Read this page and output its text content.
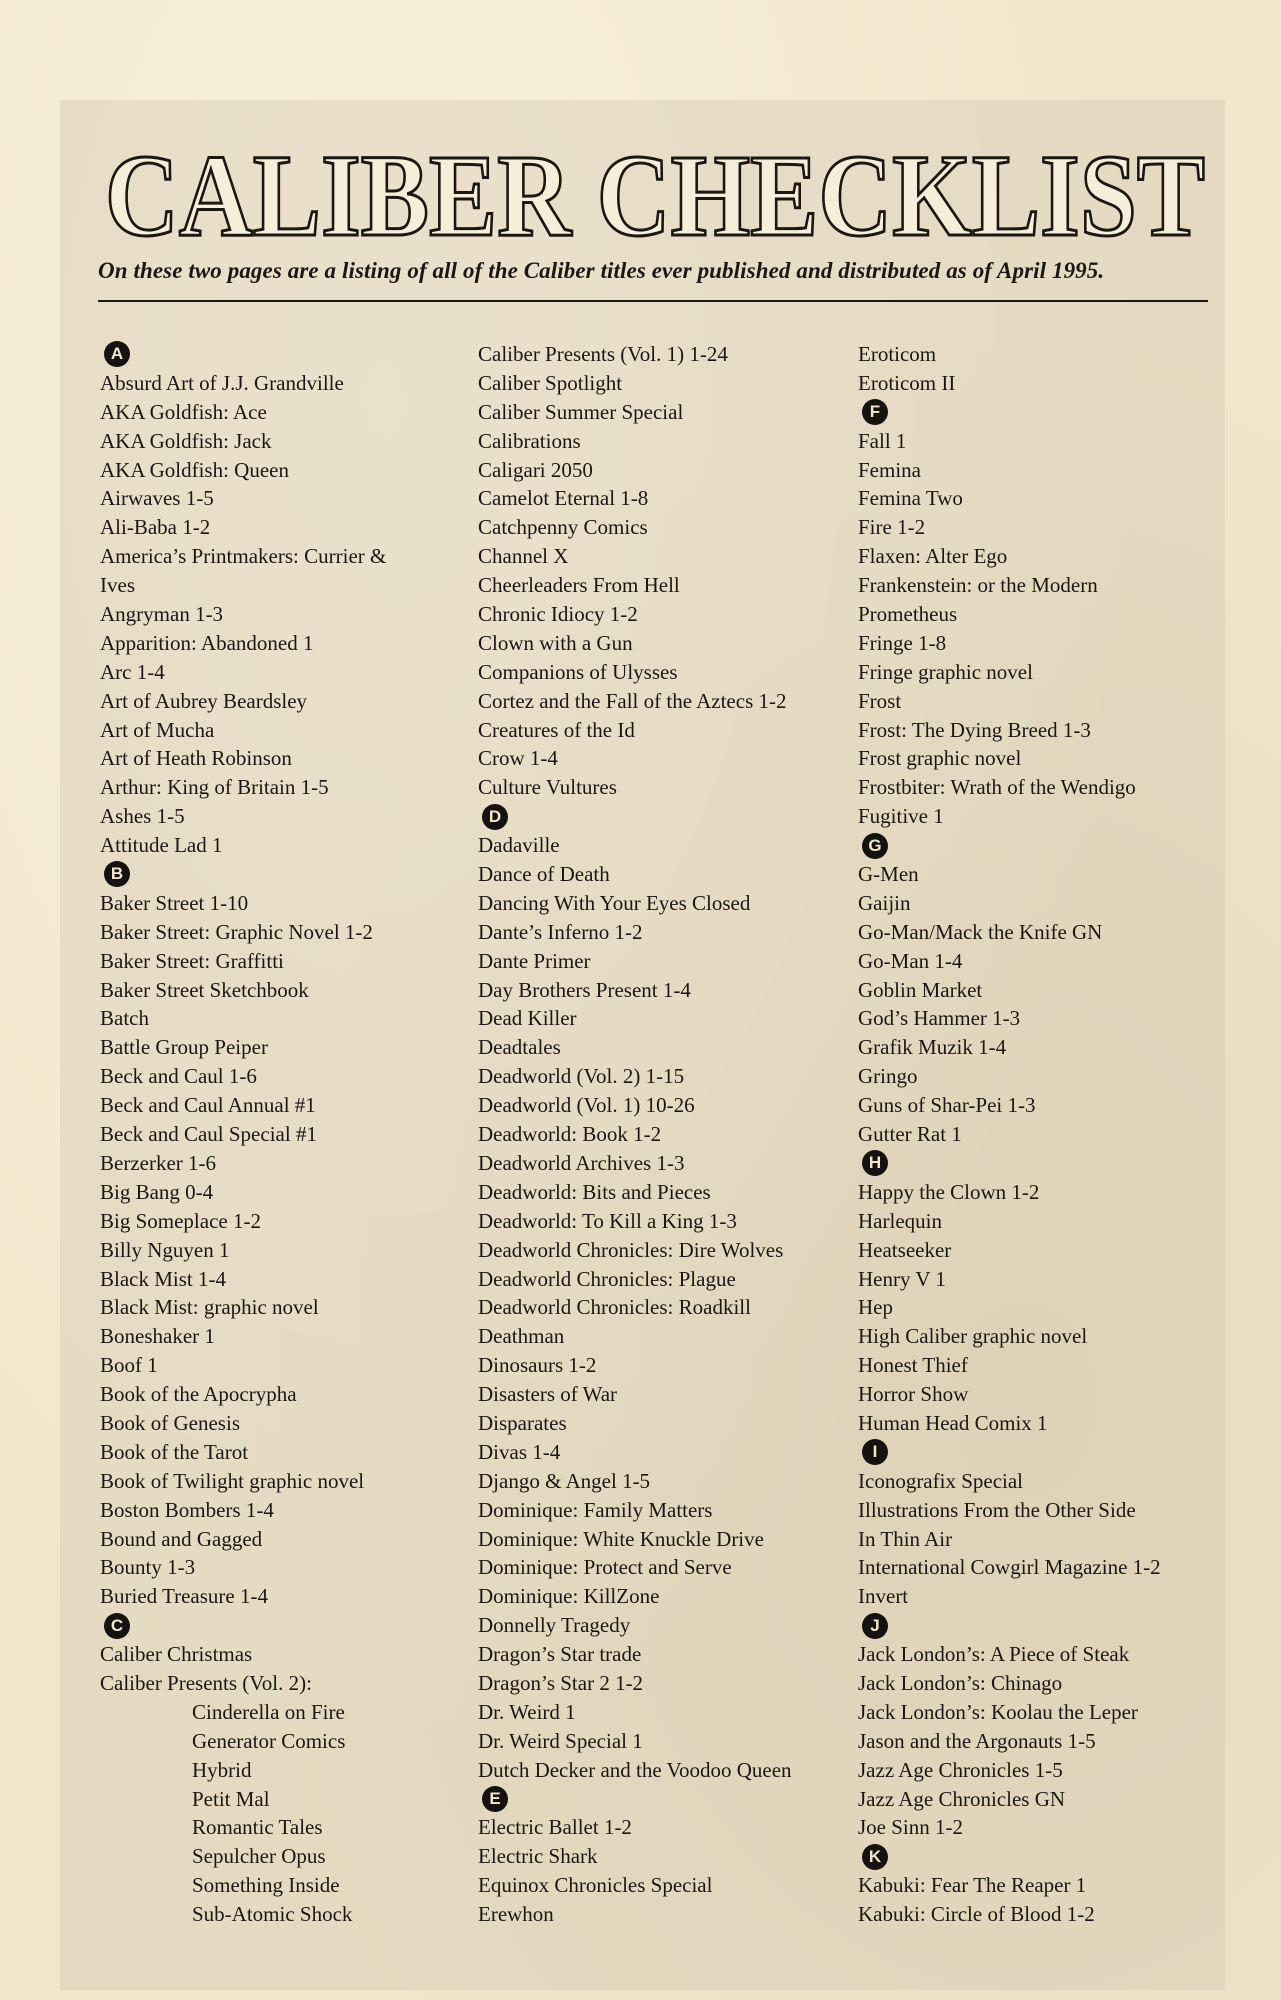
CALIBER CHECKLIST
On these two pages are a listing of all of the Caliber titles ever published and distributed as of April 1995.
A
Absurd Art of J.J. Grandville
AKA Goldfish: Ace
AKA Goldfish: Jack
AKA Goldfish: Queen
Airwaves 1-5
Ali-Baba 1-2
America’s Printmakers: Currier &
Ives
Angryman 1-3
Apparition: Abandoned 1
Arc 1-4
Art of Aubrey Beardsley
Art of Mucha
Art of Heath Robinson
Arthur: King of Britain 1-5
Ashes 1-5
Attitude Lad 1
B
Baker Street 1-10
Baker Street: Graphic Novel 1-2
Baker Street: Graffitti
Baker Street Sketchbook
Batch
Battle Group Peiper
Beck and Caul 1-6
Beck and Caul Annual #1
Beck and Caul Special #1
Berzerker 1-6
Big Bang 0-4
Big Someplace 1-2
Billy Nguyen 1
Black Mist 1-4
Black Mist: graphic novel
Boneshaker 1
Boof 1
Book of the Apocrypha
Book of Genesis
Book of the Tarot
Book of Twilight graphic novel
Boston Bombers 1-4
Bound and Gagged
Bounty 1-3
Buried Treasure 1-4
C
Caliber Christmas
Caliber Presents (Vol. 2):
Cinderella on Fire
Generator Comics
Hybrid
Petit Mal
Romantic Tales
Sepulcher Opus
Something Inside
Sub-Atomic Shock
Caliber Presents (Vol. 1) 1-24
Caliber Spotlight
Caliber Summer Special
Calibrations
Caligari 2050
Camelot Eternal 1-8
Catchpenny Comics
Channel X
Cheerleaders From Hell
Chronic Idiocy 1-2
Clown with a Gun
Companions of Ulysses
Cortez and the Fall of the Aztecs 1-2
Creatures of the Id
Crow 1-4
Culture Vultures
D
Dadaville
Dance of Death
Dancing With Your Eyes Closed
Dante’s Inferno 1-2
Dante Primer
Day Brothers Present 1-4
Dead Killer
Deadtales
Deadworld (Vol. 2) 1-15
Deadworld (Vol. 1) 10-26
Deadworld: Book 1-2
Deadworld Archives 1-3
Deadworld: Bits and Pieces
Deadworld: To Kill a King 1-3
Deadworld Chronicles: Dire Wolves
Deadworld Chronicles: Plague
Deadworld Chronicles: Roadkill
Deathman
Dinosaurs 1-2
Disasters of War
Disparates
Divas 1-4
Django & Angel 1-5
Dominique: Family Matters
Dominique: White Knuckle Drive
Dominique: Protect and Serve
Dominique: KillZone
Donnelly Tragedy
Dragon’s Star trade
Dragon’s Star 2 1-2
Dr. Weird 1
Dr. Weird Special 1
Dutch Decker and the Voodoo Queen
E
Electric Ballet 1-2
Electric Shark
Equinox Chronicles Special
Erewhon
Eroticom
Eroticom II
F
Fall 1
Femina
Femina Two
Fire 1-2
Flaxen: Alter Ego
Frankenstein: or the Modern
Prometheus
Fringe 1-8
Fringe graphic novel
Frost
Frost: The Dying Breed 1-3
Frost graphic novel
Frostbiter: Wrath of the Wendigo
Fugitive 1
G
G-Men
Gaijin
Go-Man/Mack the Knife GN
Go-Man 1-4
Goblin Market
God’s Hammer 1-3
Grafik Muzik 1-4
Gringo
Guns of Shar-Pei 1-3
Gutter Rat 1
H
Happy the Clown 1-2
Harlequin
Heatseeker
Henry V 1
Hep
High Caliber graphic novel
Honest Thief
Horror Show
Human Head Comix 1
I
Iconografix Special
Illustrations From the Other Side
In Thin Air
International Cowgirl Magazine 1-2
Invert
J
Jack London’s: A Piece of Steak
Jack London’s: Chinago
Jack London’s: Koolau the Leper
Jason and the Argonauts 1-5
Jazz Age Chronicles 1-5
Jazz Age Chronicles GN
Joe Sinn 1-2
K
Kabuki: Fear The Reaper 1
Kabuki: Circle of Blood 1-2
